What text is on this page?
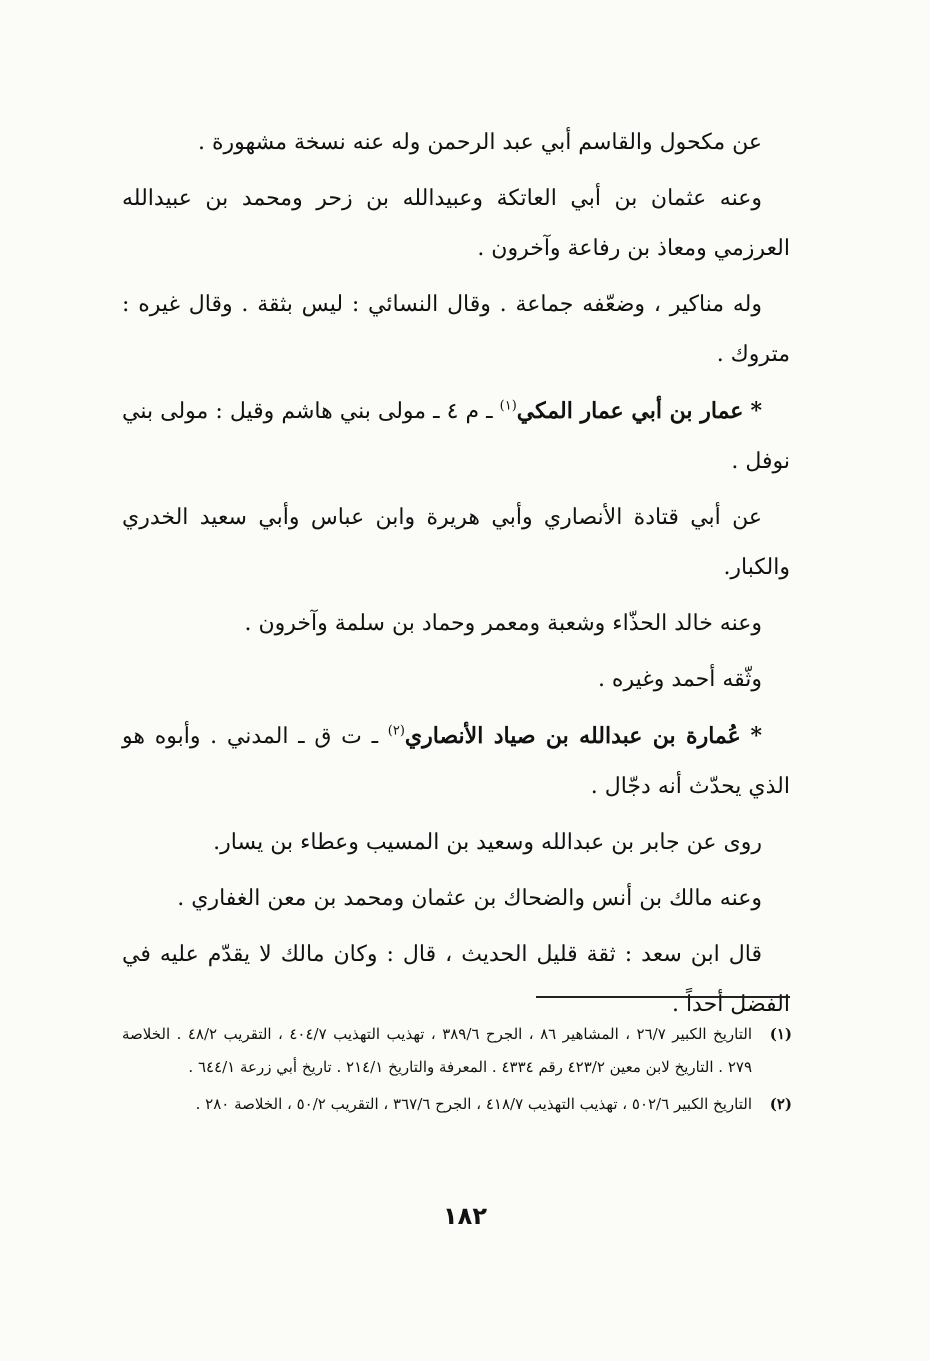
عن مكحول والقاسم أبي عبد الرحمن وله عنه نسخة مشهورة .

وعنه عثمان بن أبي العاتكة وعبيدالله بن زحر ومحمد بن عبيدالله العرزمي ومعاذ بن رفاعة وآخرون .

وله مناكير ، وضعّفه جماعة . وقال النسائي : ليس بثقة . وقال غيره : متروك .

* عمار بن أبي عمار المكي$^{(١)}$ ـ م ٤ ـ مولى بني هاشم وقيل : مولى بني نوفل .

عن أبي قتادة الأنصاري وأبي هريرة وابن عباس وأبي سعيد الخدري والكبار.

وعنه خالد الحذّاء وشعبة ومعمر وحماد بن سلمة وآخرون .

وثّقه أحمد وغيره .

* عُمارة بن عبدالله بن صياد الأنصاري$^{(٢)}$ ـ ت ق ـ المدني . وأبوه هو الذي يحدّث أنه دجّال .

روى عن جابر بن عبدالله وسعيد بن المسيب وعطاء بن يسار.

وعنه مالك بن أنس والضحاك بن عثمان ومحمد بن معن الغفاري .

قال ابن سعد : ثقة قليل الحديث ، قال : وكان مالك لا يقدّم عليه في الفضل أحداً .

(١)
التاريخ الكبير ٢٦/٧ ، المشاهير ٨٦ ، الجرح ٣٨٩/٦ ، تهذيب التهذيب ٤٠٤/٧ ، التقريب ٤٨/٢ . الخلاصة ٢٧٩ . التاريخ لابن معين ٤٢٣/٢ رقم ٤٣٣٤ . المعرفة والتاريخ ٢١٤/١ . تاريخ أبي زرعة ٦٤٤/١ .
(٢)
التاريخ الكبير ٥٠٢/٦ ، تهذيب التهذيب ٤١٨/٧ ، الجرح ٣٦٧/٦ ، التقريب ٥٠/٢ ، الخلاصة ٢٨٠ .
١٨٢
